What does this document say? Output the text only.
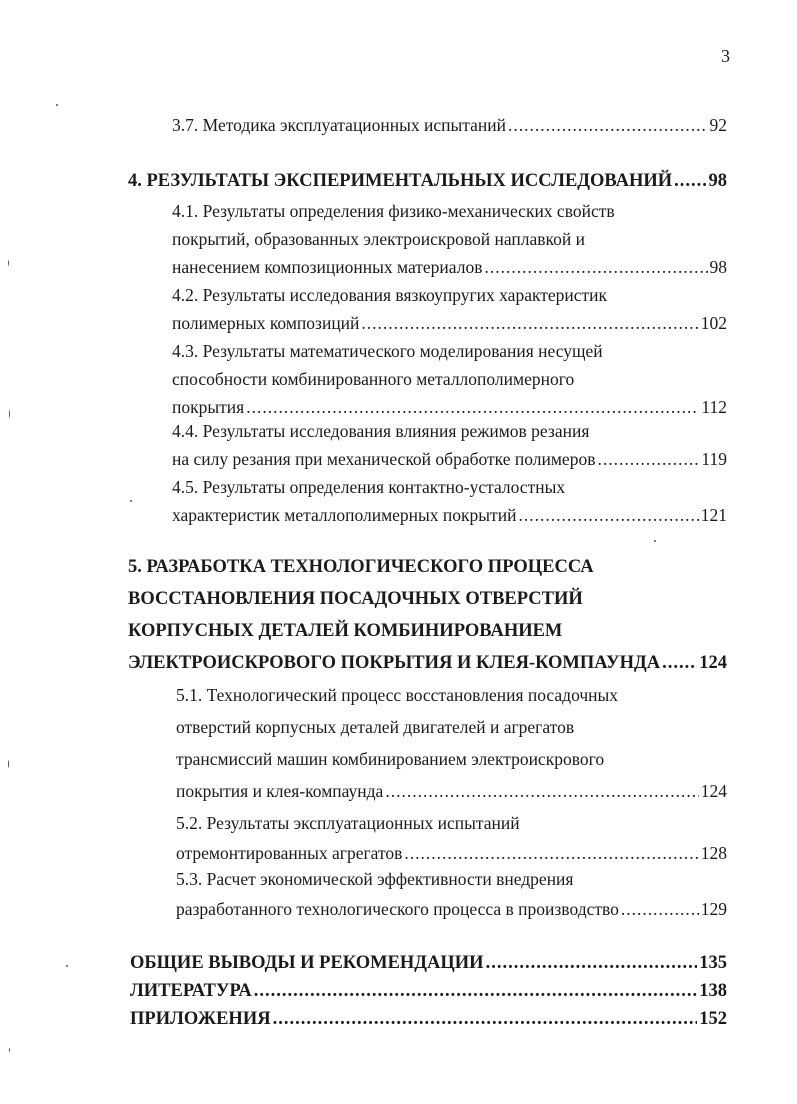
3
3.7. Методика эксплуатационных испытаний .....	92
4. РЕЗУЛЬТАТЫ ЭКСПЕРИМЕНТАЛЬНЫХ ИССЛЕДОВАНИЙ ..... 98
4.1. Результаты определения физико-механических свойств
покрытий, образованных электроискровой наплавкой и
нанесением композиционных материалов .....	98
4.2. Результаты исследования вязкоупругих характеристик
полимерных композиций .....	102
4.3. Результаты математического моделирования несущей
способности комбинированного металлополимерного
покрытия .....	112
4.4. Результаты исследования влияния режимов резания
на силу резания при механической обработке полимеров .....	119
4.5. Результаты определения контактно-усталостных
характеристик металлополимерных покрытий .....	121
5. РАЗРАБОТКА ТЕХНОЛОГИЧЕСКОГО ПРОЦЕССА
ВОССТАНОВЛЕНИЯ ПОСАДОЧНЫХ ОТВЕРСТИЙ
КОРПУСНЫХ ДЕТАЛЕЙ КОМБИНИРОВАНИЕМ
ЭЛЕКТРОИСКРОВОГО ПОКРЫТИЯ И КЛЕЯ-КОМПАУНДА ..... 124
5.1. Технологический процесс восстановления посадочных
отверстий корпусных деталей двигателей и агрегатов
трансмиссий машин комбинированием электроискрового
покрытия и клея-компаунда .....	124
5.2. Результаты эксплуатационных испытаний
отремонтированных агрегатов .....	128
5.3. Расчет экономической эффективности внедрения
разработанного технологического процесса в производство .....	129
ОБЩИЕ ВЫВОДЫ И РЕКОМЕНДАЦИИ .....	135
ЛИТЕРАТУРА .....	138
ПРИЛОЖЕНИЯ .....	152
